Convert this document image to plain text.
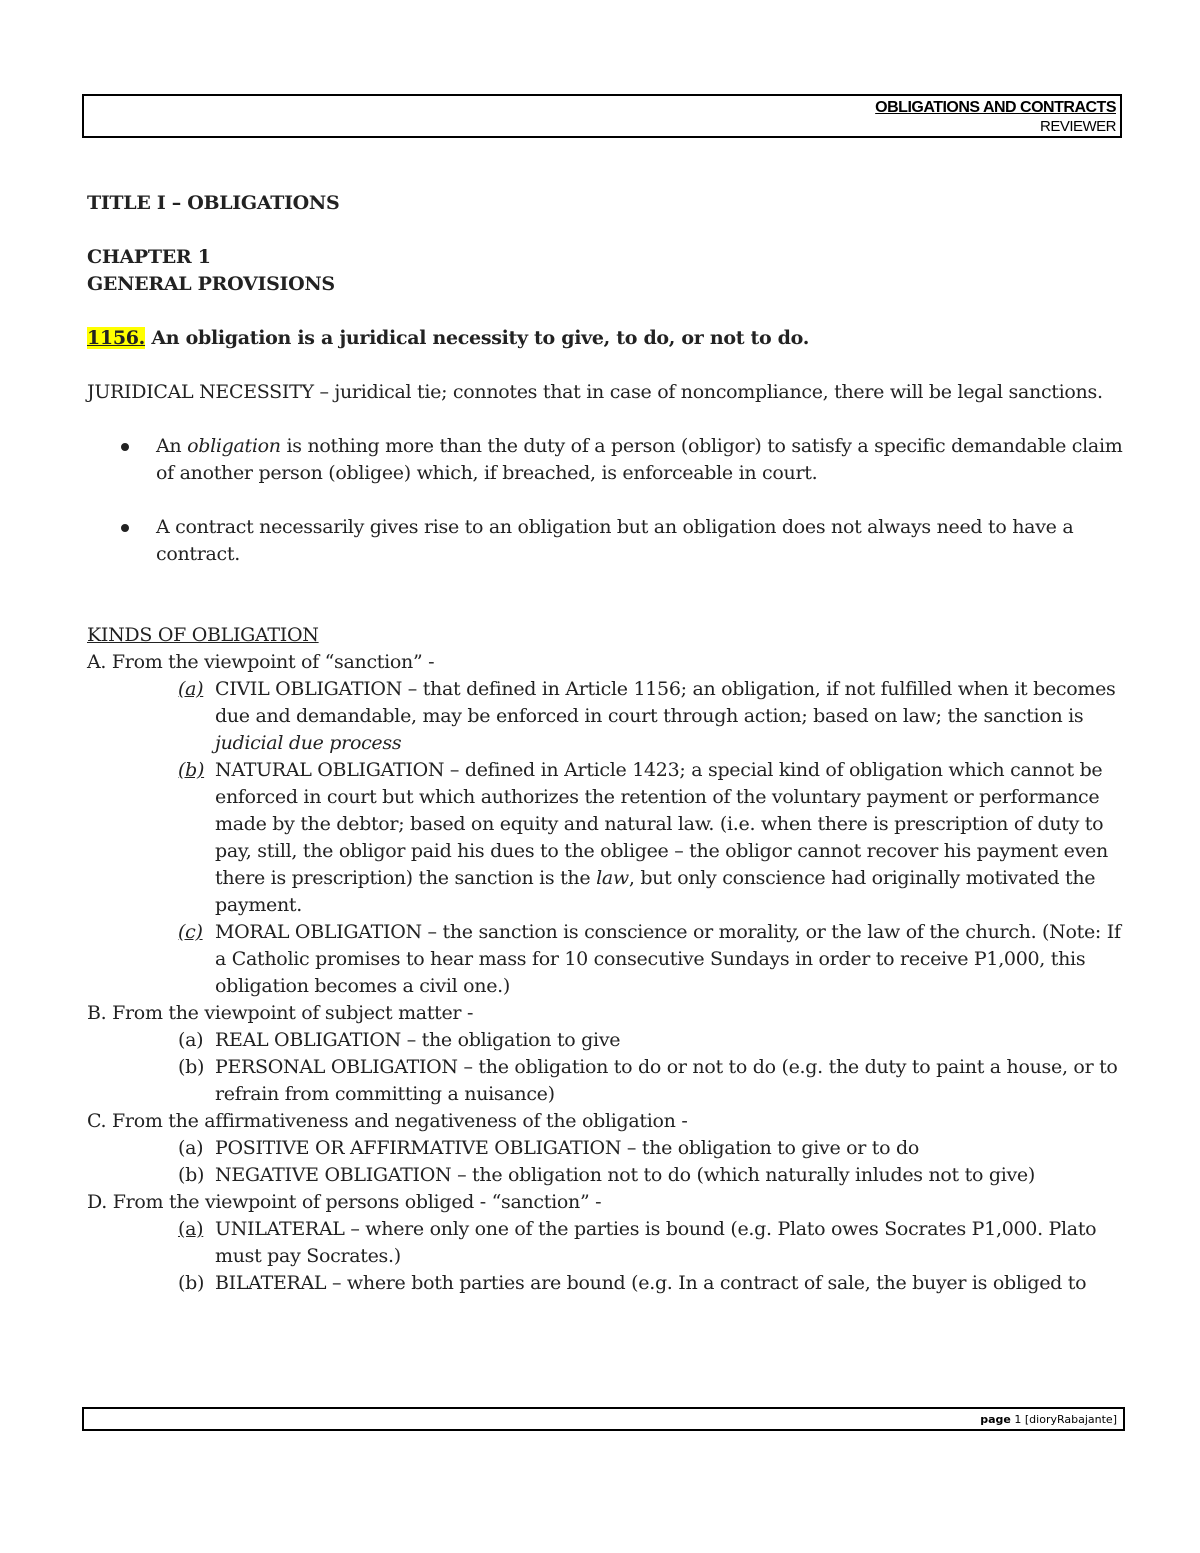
OBLIGATIONS AND CONTRACTS
REVIEWER

TITLE I – OBLIGATIONS

CHAPTER 1

GENERAL PROVISIONS

1156. An obligation is a juridical necessity to give, to do, or not to do.

JURIDICAL NECESSITY – juridical tie; connotes that in case of noncompliance, there will be legal sanctions.

An obligation is nothing more than the duty of a person (obligor) to satisfy a specific demandable claim of another person (obligee) which, if breached, is enforceable in court.
A contract necessarily gives rise to an obligation but an obligation does not always need to have a contract.

KINDS OF OBLIGATION

A. From the viewpoint of “sanction” -

(a) CIVIL OBLIGATION – that defined in Article 1156; an obligation, if not fulfilled when it becomes due and demandable, may be enforced in court through action; based on law; the sanction is judicial due process
(b) NATURAL OBLIGATION – defined in Article 1423; a special kind of obligation which cannot be enforced in court but which authorizes the retention of the voluntary payment or performance made by the debtor; based on equity and natural law. (i.e. when there is prescription of duty to pay, still, the obligor paid his dues to the obligee – the obligor cannot recover his payment even there is prescription) the sanction is the law, but only conscience had originally motivated the payment.
(c) MORAL OBLIGATION – the sanction is conscience or morality, or the law of the church. (Note: If a Catholic promises to hear mass for 10 consecutive Sundays in order to receive P1,000, this obligation becomes a civil one.)

B. From the viewpoint of subject matter -

(a) REAL OBLIGATION – the obligation to give
(b) PERSONAL OBLIGATION – the obligation to do or not to do (e.g. the duty to paint a house, or to refrain from committing a nuisance)

C. From the affirmativeness and negativeness of the obligation -

(a) POSITIVE OR AFFIRMATIVE OBLIGATION – the obligation to give or to do
(b) NEGATIVE OBLIGATION – the obligation not to do (which naturally inludes not to give)

D. From the viewpoint of persons obliged - “sanction” -

(a) UNILATERAL – where only one of the parties is bound (e.g. Plato owes Socrates P1,000. Plato must pay Socrates.)
(b) BILATERAL – where both parties are bound (e.g. In a contract of sale, the buyer is obliged to
page 1 [dioryRabajante]
